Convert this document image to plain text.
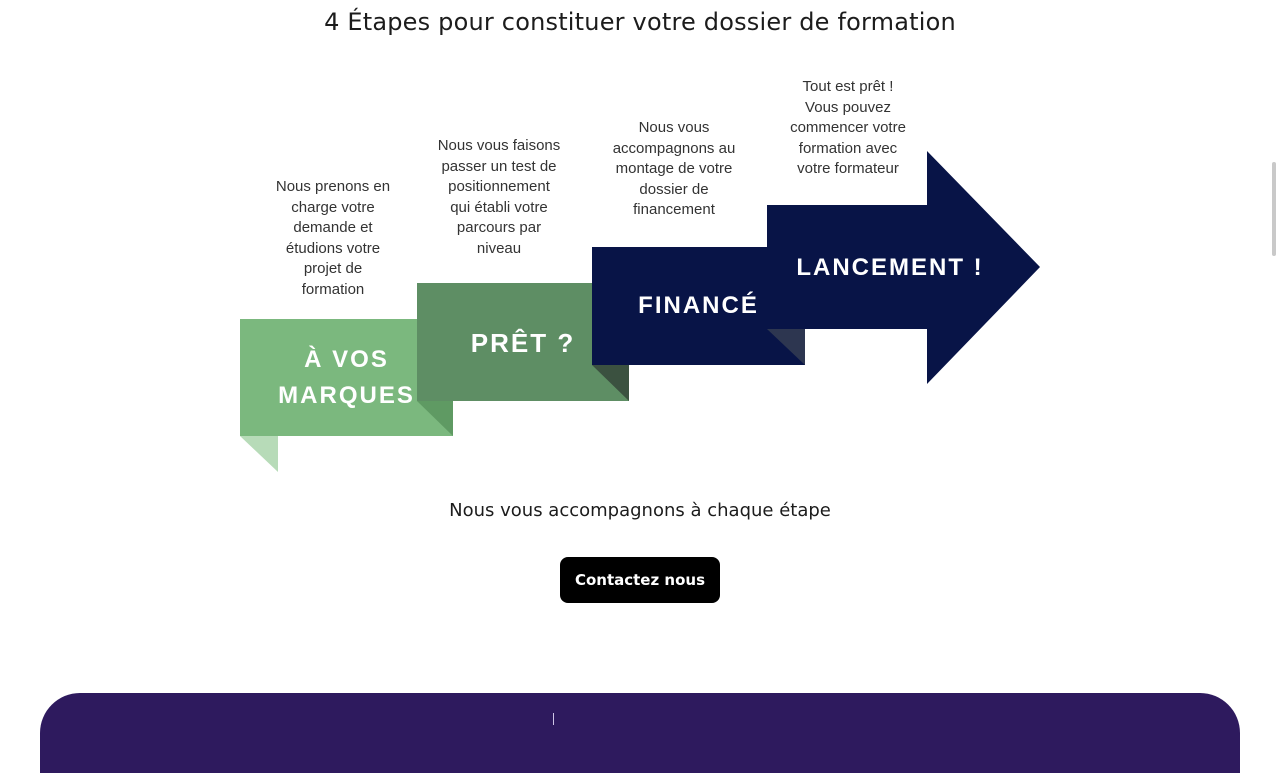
4 Étapes pour constituer votre dossier de formation
Nous prenons en
charge votre
demande et
étudions votre
projet de
formation
Nous vous faisons
passer un test de
positionnement
qui établi votre
parcours par
niveau
Nous vous
accompagnons au
montage de votre
dossier de
financement
Tout est prêt !
Vous pouvez
commencer votre
formation avec
votre formateur
À VOS
MARQUES
PRÊT ?
FINANCÉ
LANCEMENT !

Nous vous accompagnons à chaque étape

Contactez nous
